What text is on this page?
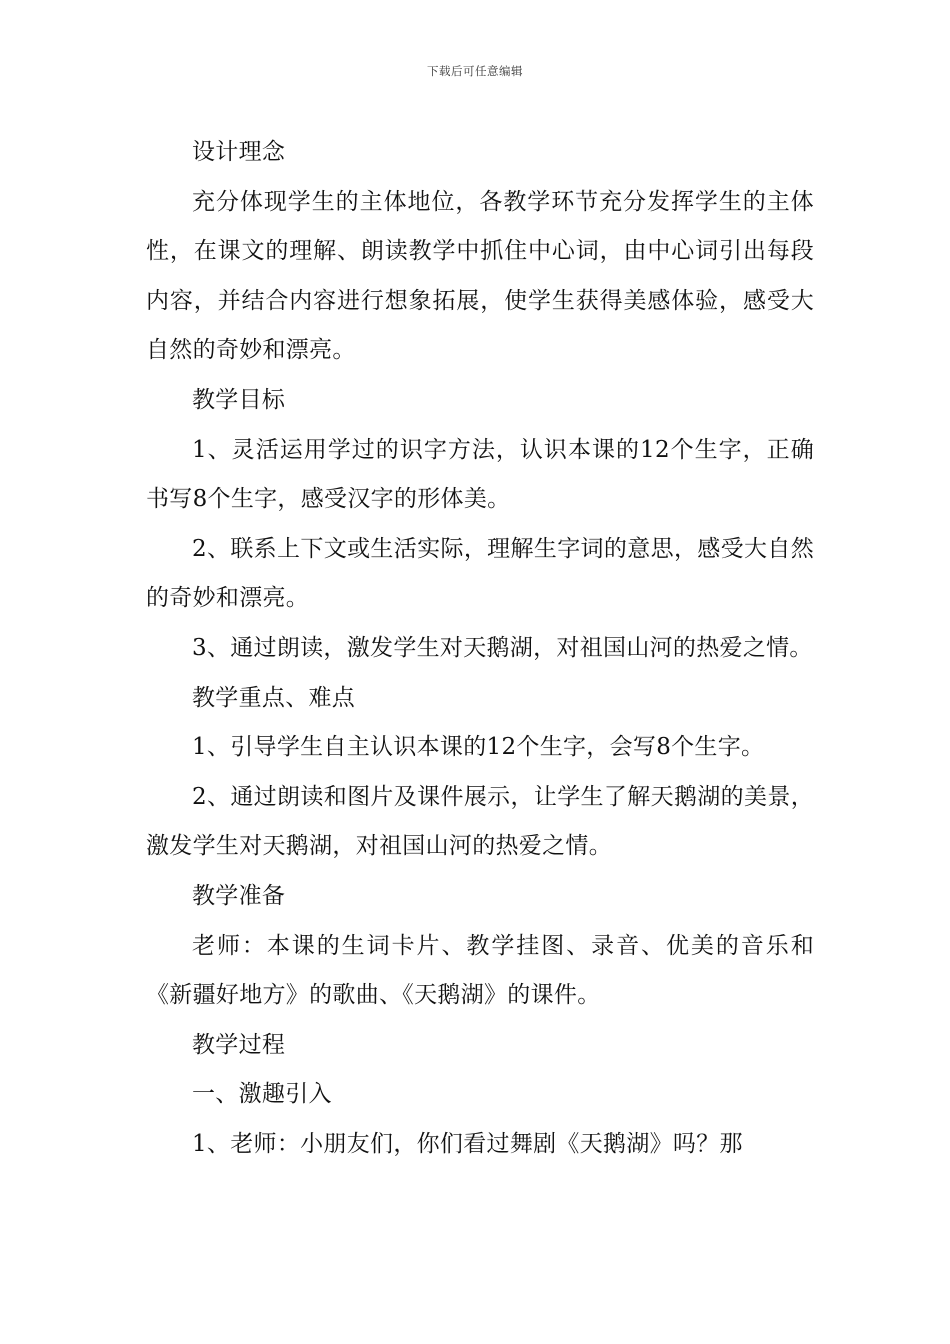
下载后可任意编辑

设计理念

充分体现学生的主体地位，各教学环节充分发挥学生的主体性，在课文的理解、朗读教学中抓住中心词，由中心词引出每段内容，并结合内容进行想象拓展，使学生获得美感体验，感受大自然的奇妙和漂亮。

教学目标

1、灵活运用学过的识字方法，认识本课的12个生字，正确书写8个生字，感受汉字的形体美。

2、联系上下文或生活实际，理解生字词的意思，感受大自然的奇妙和漂亮。

3、通过朗读，激发学生对天鹅湖，对祖国山河的热爱之情。

教学重点、难点

1、引导学生自主认识本课的12个生字，会写8个生字。

2、通过朗读和图片及课件展示，让学生了解天鹅湖的美景，激发学生对天鹅湖，对祖国山河的热爱之情。

教学准备

老师：本课的生词卡片、教学挂图、录音、优美的音乐和《新疆好地方》的歌曲、《天鹅湖》的课件。

教学过程

一、激趣引入

1、老师：小朋友们，你们看过舞剧《天鹅湖》吗？那
